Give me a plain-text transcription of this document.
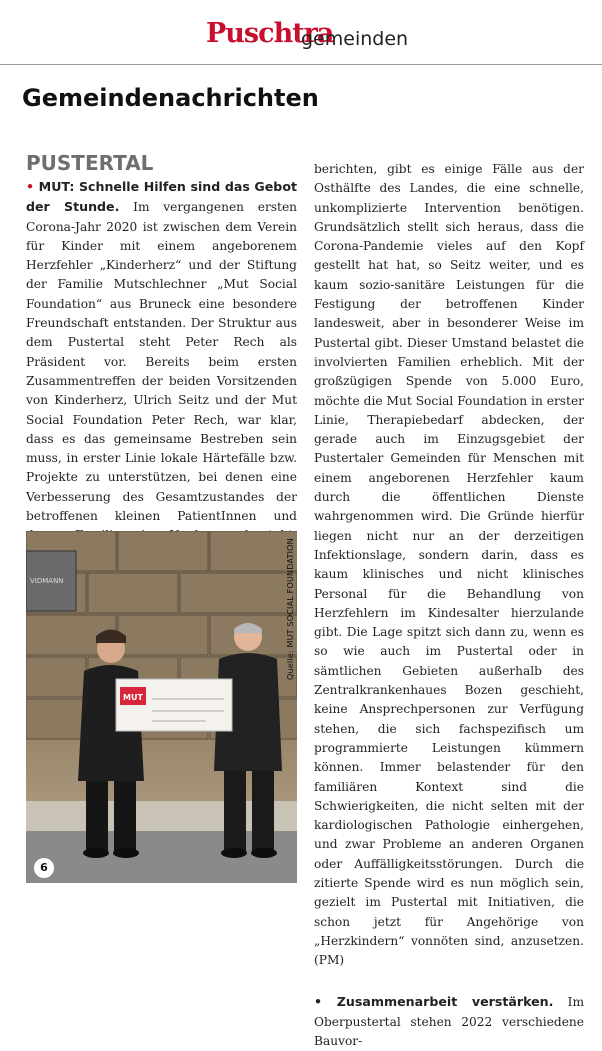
Puschtra
gemeinden
Gemeindenachrichten
PUSTERTAL
• MUT: Schnelle Hilfen sind das Gebot der Stunde. Im vergangenen ersten Corona-Jahr 2020 ist zwischen dem Verein für Kinder mit einem angeborenem Herzfehler „Kinderherz“ und der Stiftung der Familie Mutschlechner „Mut Social Foundation“ aus Bruneck eine besondere Freundschaft entstanden. Der Struktur aus dem Pustertal steht Peter Rech als Präsident vor. Bereits beim ersten Zusammentreffen der beiden Vorsitzenden von Kinderherz, Ulrich Seitz und der Mut Social Foundation Peter Rech, war klar, dass es das gemeinsame Bestreben sein muss, in erster Linie lokale Härtefälle bzw. Projekte zu unterstützen, bei denen eine Verbesserung des Gesamtzustandes der betroffenen kleinen PatientInnen und
VIDMANN
MUT
Quelle: MUT SOCIAL FOUNDATION
6
berichten, gibt es einige Fälle aus der Osthälfte des Landes, die eine schnelle, unkomplizierte Intervention benötigen. Grundsätzlich stellt sich heraus, dass die Corona-Pandemie vieles auf den Kopf gestellt hat hat, so Seitz weiter, und es kaum sozio-sanitäre Leistungen für die Festigung der betroffenen Kinder landesweit, aber in besonderer Weise im Pustertal gibt. Dieser Umstand belastet die involvierten Familien erheblich. Mit der großzügigen Spende von 5.000 Euro, möchte die Mut Social Foundation in erster Linie, Therapiebedarf abdecken, der gerade auch im Einzugsgebiet der Pustertaler Gemeinden für Menschen mit einem angeborenen Herzfehler kaum durch die öffentlichen Dienste wahrgenommen wird. Die Gründe hierfür liegen nicht nur an der derzeitigen Infektionslage, sondern darin, dass es kaum klinisches und nicht klinisches Personal für die Behandlung von Herzfehlern im Kindesalter hierzulande gibt. Die Lage spitzt sich dann zu, wenn es so wie auch im Pustertal oder in sämtlichen Gebieten außerhalb des Zentralkrankenhaues Bozen geschieht, keine Ansprechpersonen zur Verfügung stehen, die sich fachspezifisch um programmierte Leistungen kümmern können. Immer belastender für den familiären Kontext sind die Schwierigkeiten, die nicht selten mit der kardiologischen Pathologie einhergehen, und zwar Probleme an anderen Organen oder Auffälligkeitsstörungen. Durch die zitierte Spende wird es nun möglich sein, gezielt im Pustertal mit Initiativen, die schon jetzt für Angehörige von „Herzkindern“ vonnöten sind, anzusetzen. (PM)
• Zusammenarbeit verstärken. Im Oberpustertal stehen 2022 verschiedene Bauvor-
